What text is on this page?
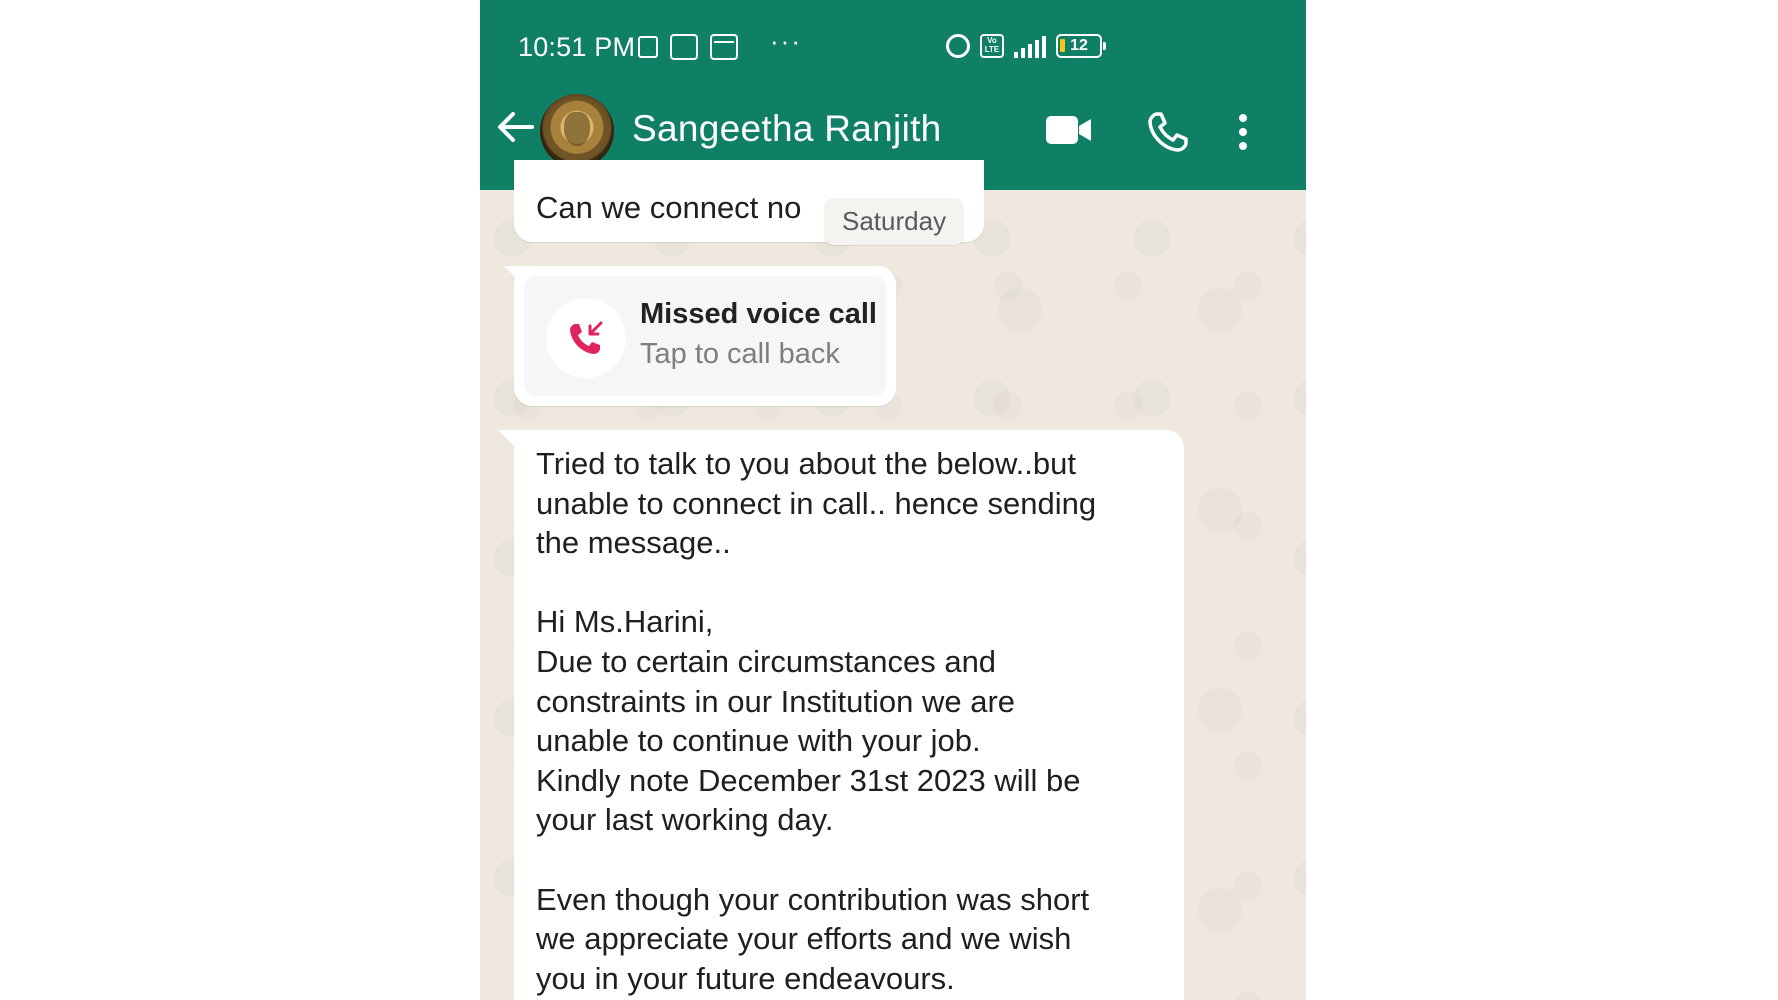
10:51 PM	···	Vo LTE	12
Sangeetha Ranjith
Can we connect no	Saturday
Missed voice call
Tap to call back

Tried to talk to you about the below..but

unable to connect in call.. hence sending

the message..

Hi Ms.Harini,

Due to certain circumstances and

constraints in our Institution we are

unable to continue with your job.

Kindly note December 31st 2023 will be

your last working day.

Even though your contribution was short

we appreciate your efforts and we wish

you in your future endeavours.
